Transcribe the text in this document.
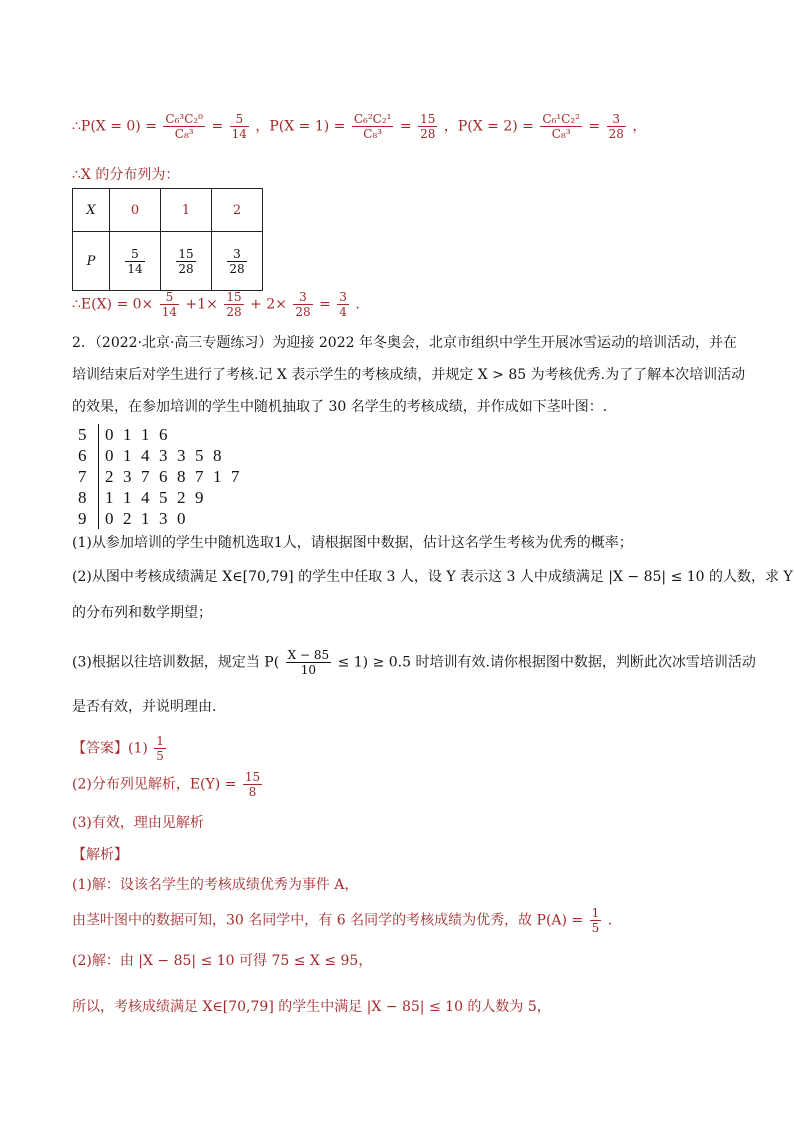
∴P(X = $0) = \frac{\text{C₆³C₂⁰}}{\text{C₈³}} = \frac{5}{14}$ ，$P(X = 1) = \frac{\text{C₆²C₂¹}}{\text{C₈³}} = \frac{15}{28}$ ，$P(X = 2) = \frac{\text{C₆¹C₂²}}{\text{C₈³}} = \frac{3}{28}$ ，
∴X 的分布列为：
X	0	1	2
P	$\frac{5}{14}$	$\frac{15}{28}$	$\frac{3}{28}$
∴E(X) = $0\times \frac{5}{14} +1\times \frac{15}{28} + 2\times \frac{3}{28} = \frac{3}{4}$ .
2．（2022·北京·高三专题练习）为迎接 2022 年冬奥会，北京市组织中学生开展冰雪运动的培训活动，并在
培训结束后对学生进行了考核.记 X 表示学生的考核成绩，并规定 X > 85 为考核优秀.为了了解本次培训活动
的效果，在参加培训的学生中随机抽取了 30 名学生的考核成绩，并作成如下茎叶图：.
5	0 1 1 6
6	0 1 4 3 3 5 8
7	2 3 7 6 8 7 1 7
8	1 1 4 5 2 9
9	0 2 1 3 0
(1)从参加培训的学生中随机选取1人，请根据图中数据，估计这名学生考核为优秀的概率；
(2)从图中考核成绩满足 X∈[70,79] 的学生中任取 3 人，设 Y 表示这 3 人中成绩满足 |X − 85| ≤ 10 的人数，求 Y
的分布列和数学期望；
(3)根据以往培训数据，规定当 $P( \frac{X - 85}{10} \le 1) \ge 0.5$ 时培训有效.请你根据图中数据，判断此次冰雪培训活动
是否有效，并说明理由.
【答案】$(1) \frac{1}{5}$
(2)分布列见解析，$E(Y) = \frac{15}{8}$
(3)有效，理由见解析
【解析】
(1)解：设该名学生的考核成绩优秀为事件 A，
由茎叶图中的数据可知，30 名同学中，有 6 名同学的考核成绩为优秀，故 $P(A) = \frac{1}{5}$ .
(2)解：由 |X − 85| ≤ 10 可得 75 ≤ X ≤ 95，
所以，考核成绩满足 X∈[70,79] 的学生中满足 |X − 85| ≤ 10 的人数为 5，
